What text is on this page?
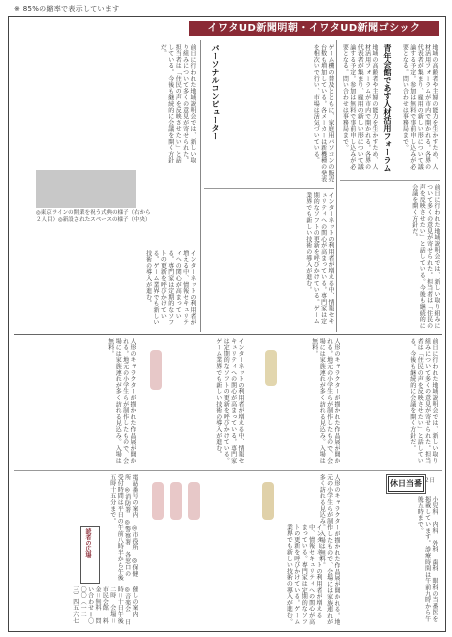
※ 85%の縮率で表示しています
イワタUD新聞明朝・イワタUD新聞ゴシック
青年会館であす人材活用フォーラム
地域の高齢者や主婦の能力を生かすため、人材活用フォーラムが市内で開かれる。各界の代表者が集まり、雇用の新しい形について議論する予定。参加は無料で事前申し込みが必要となる。問い合わせは事務局まで。	地域の高齢者や主婦の能力を生かすため、人材活用フォーラムが市内で開かれる。各界の代表者が集まり、雇用の新しい形について議論する予定。参加は無料で事前申し込みが必要となる。問い合わせは事務局まで。
前日に行われた地域説明会では、新しい取り組みについて多くの意見が寄せられた。担当者は「住民の声を反映させたい」と話している。今後も継続的に会議を開く方針だ。
ゲーム機の普及とともに、家庭用パソコンの販売台数も増加している。各メーカーは新機種の発表を相次いで行い、市場は活気づいている。
パーソナルコンピューター
インターネットの利用者が増える中、情報セキュリティへの関心が高まっている。専門家は定期的なソフトの更新を呼びかけている。ゲーム業界でも新しい技術の導入が進む。
前日に行われた地域説明会では、新しい取り組みについて多くの意見が寄せられた。担当者は「住民の声を反映させたい」と話している。今後も継続的に会議を開く方針だ。
◎東京ラインの開業を祝う式典の様子（右から２人目）◎新設されたスペースの様子（中央）
インターネットの利用者が増える中、情報セキュリティへの関心が高まっている。専門家は定期的なソフトの更新を呼びかけている。ゲーム業界でも新しい技術の導入が進む。
人形のキャラクターが描かれた作品展が開かれる。地元の小学生らが制作したもので、会場には家族連れが多く訪れる見込み。入場は無料。	インターネットの利用者が増える中、情報セキュリティへの関心が高まっている。専門家は定期的なソフトの更新を呼びかけている。ゲーム業界でも新しい技術の導入が進む。	人形のキャラクターが描かれた作品展が開かれる。地元の小学生らが制作したもので、会場には家族連れが多く訪れる見込み。入場は無料。	前日に行われた地域説明会では、新しい取り組みについて多くの意見が寄せられた。担当者は「住民の声を反映させたい」と話している。今後も継続的に会議を開く方針だ。
電話番号の案内　◎市役所　◎保健所　◎消防署　◎警察署　各窓口の受付時間は平日の午前八時半から午後五時十五分まで。
読者の広場
催しの案内　◎音楽会　日時＝十日午後二時　会場＝市民会館　料金＝無料　問い合わせ＝〇〇〇（一二三）四五六七	インターネットの利用者が増える中、情報セキュリティへの関心が高まっている。専門家は定期的なソフトの更新を呼びかけている。ゲーム業界でも新しい技術の導入が進む。	人形のキャラクターが描かれた作品展が開かれる。地元の小学生らが制作したもので、会場には家族連れが多く訪れる見込み。入場は無料。	休日当番 ２日
小児科　内科　外科　歯科　眼科の当番医を掲載しています。診療時間は午前九時から午後五時まで。
